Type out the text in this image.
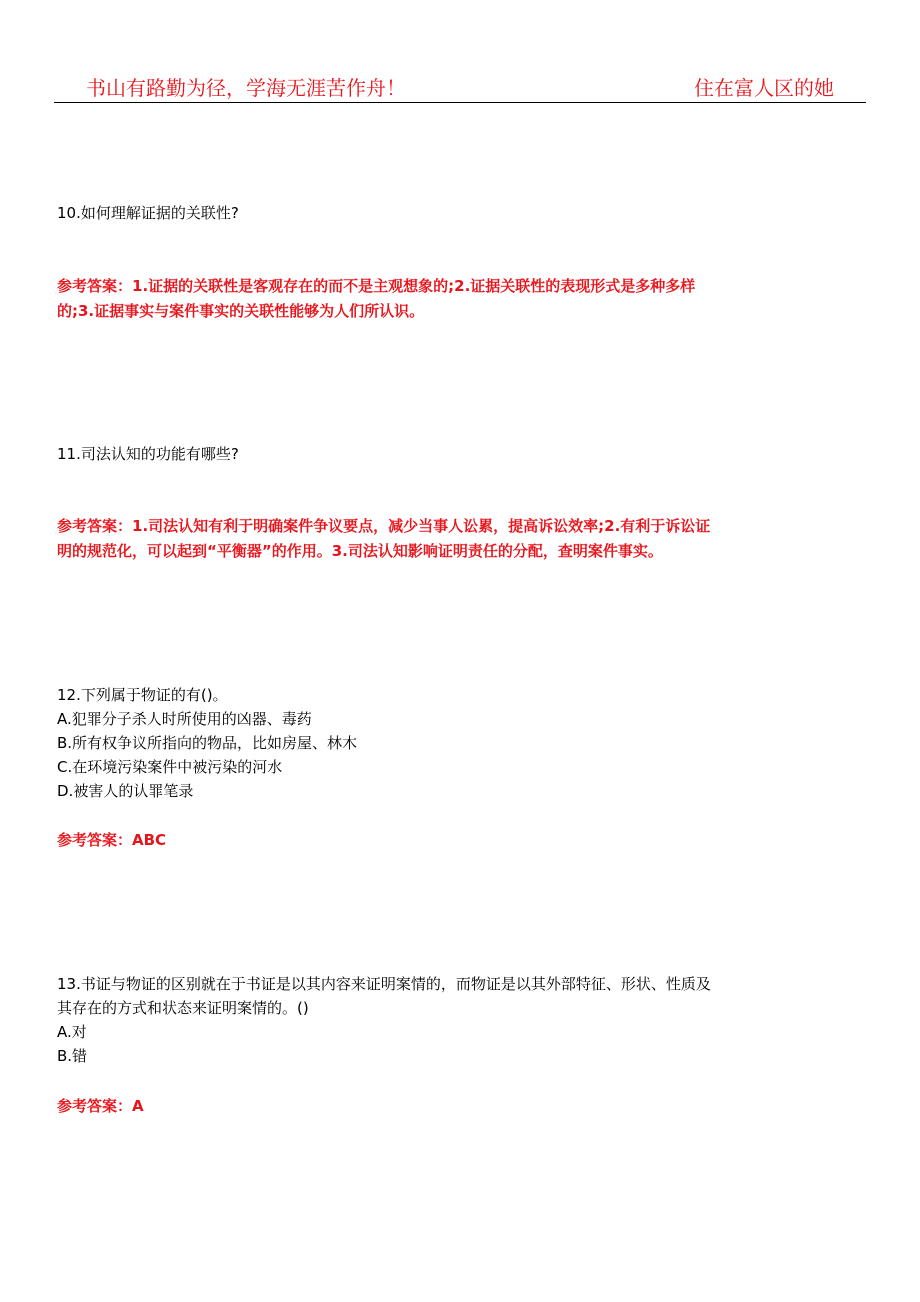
书山有路勤为径，学海无涯苦作舟！	住在富人区的她
10.如何理解证据的关联性?
参考答案：1.证据的关联性是客观存在的而不是主观想象的;2.证据关联性的表现形式是多种多样
的;3.证据事实与案件事实的关联性能够为人们所认识。
11.司法认知的功能有哪些?
参考答案：1.司法认知有利于明确案件争议要点，减少当事人讼累，提高诉讼效率;2.有利于诉讼证
明的规范化，可以起到“平衡器”的作用。3.司法认知影响证明责任的分配，查明案件事实。
12.下列属于物证的有()。
A.犯罪分子杀人时所使用的凶器、毒药
B.所有权争议所指向的物品，比如房屋、林木
C.在环境污染案件中被污染的河水
D.被害人的认罪笔录
参考答案：ABC
13.书证与物证的区别就在于书证是以其内容来证明案情的，而物证是以其外部特征、形状、性质及
其存在的方式和状态来证明案情的。()
A.对
B.错
参考答案：A
